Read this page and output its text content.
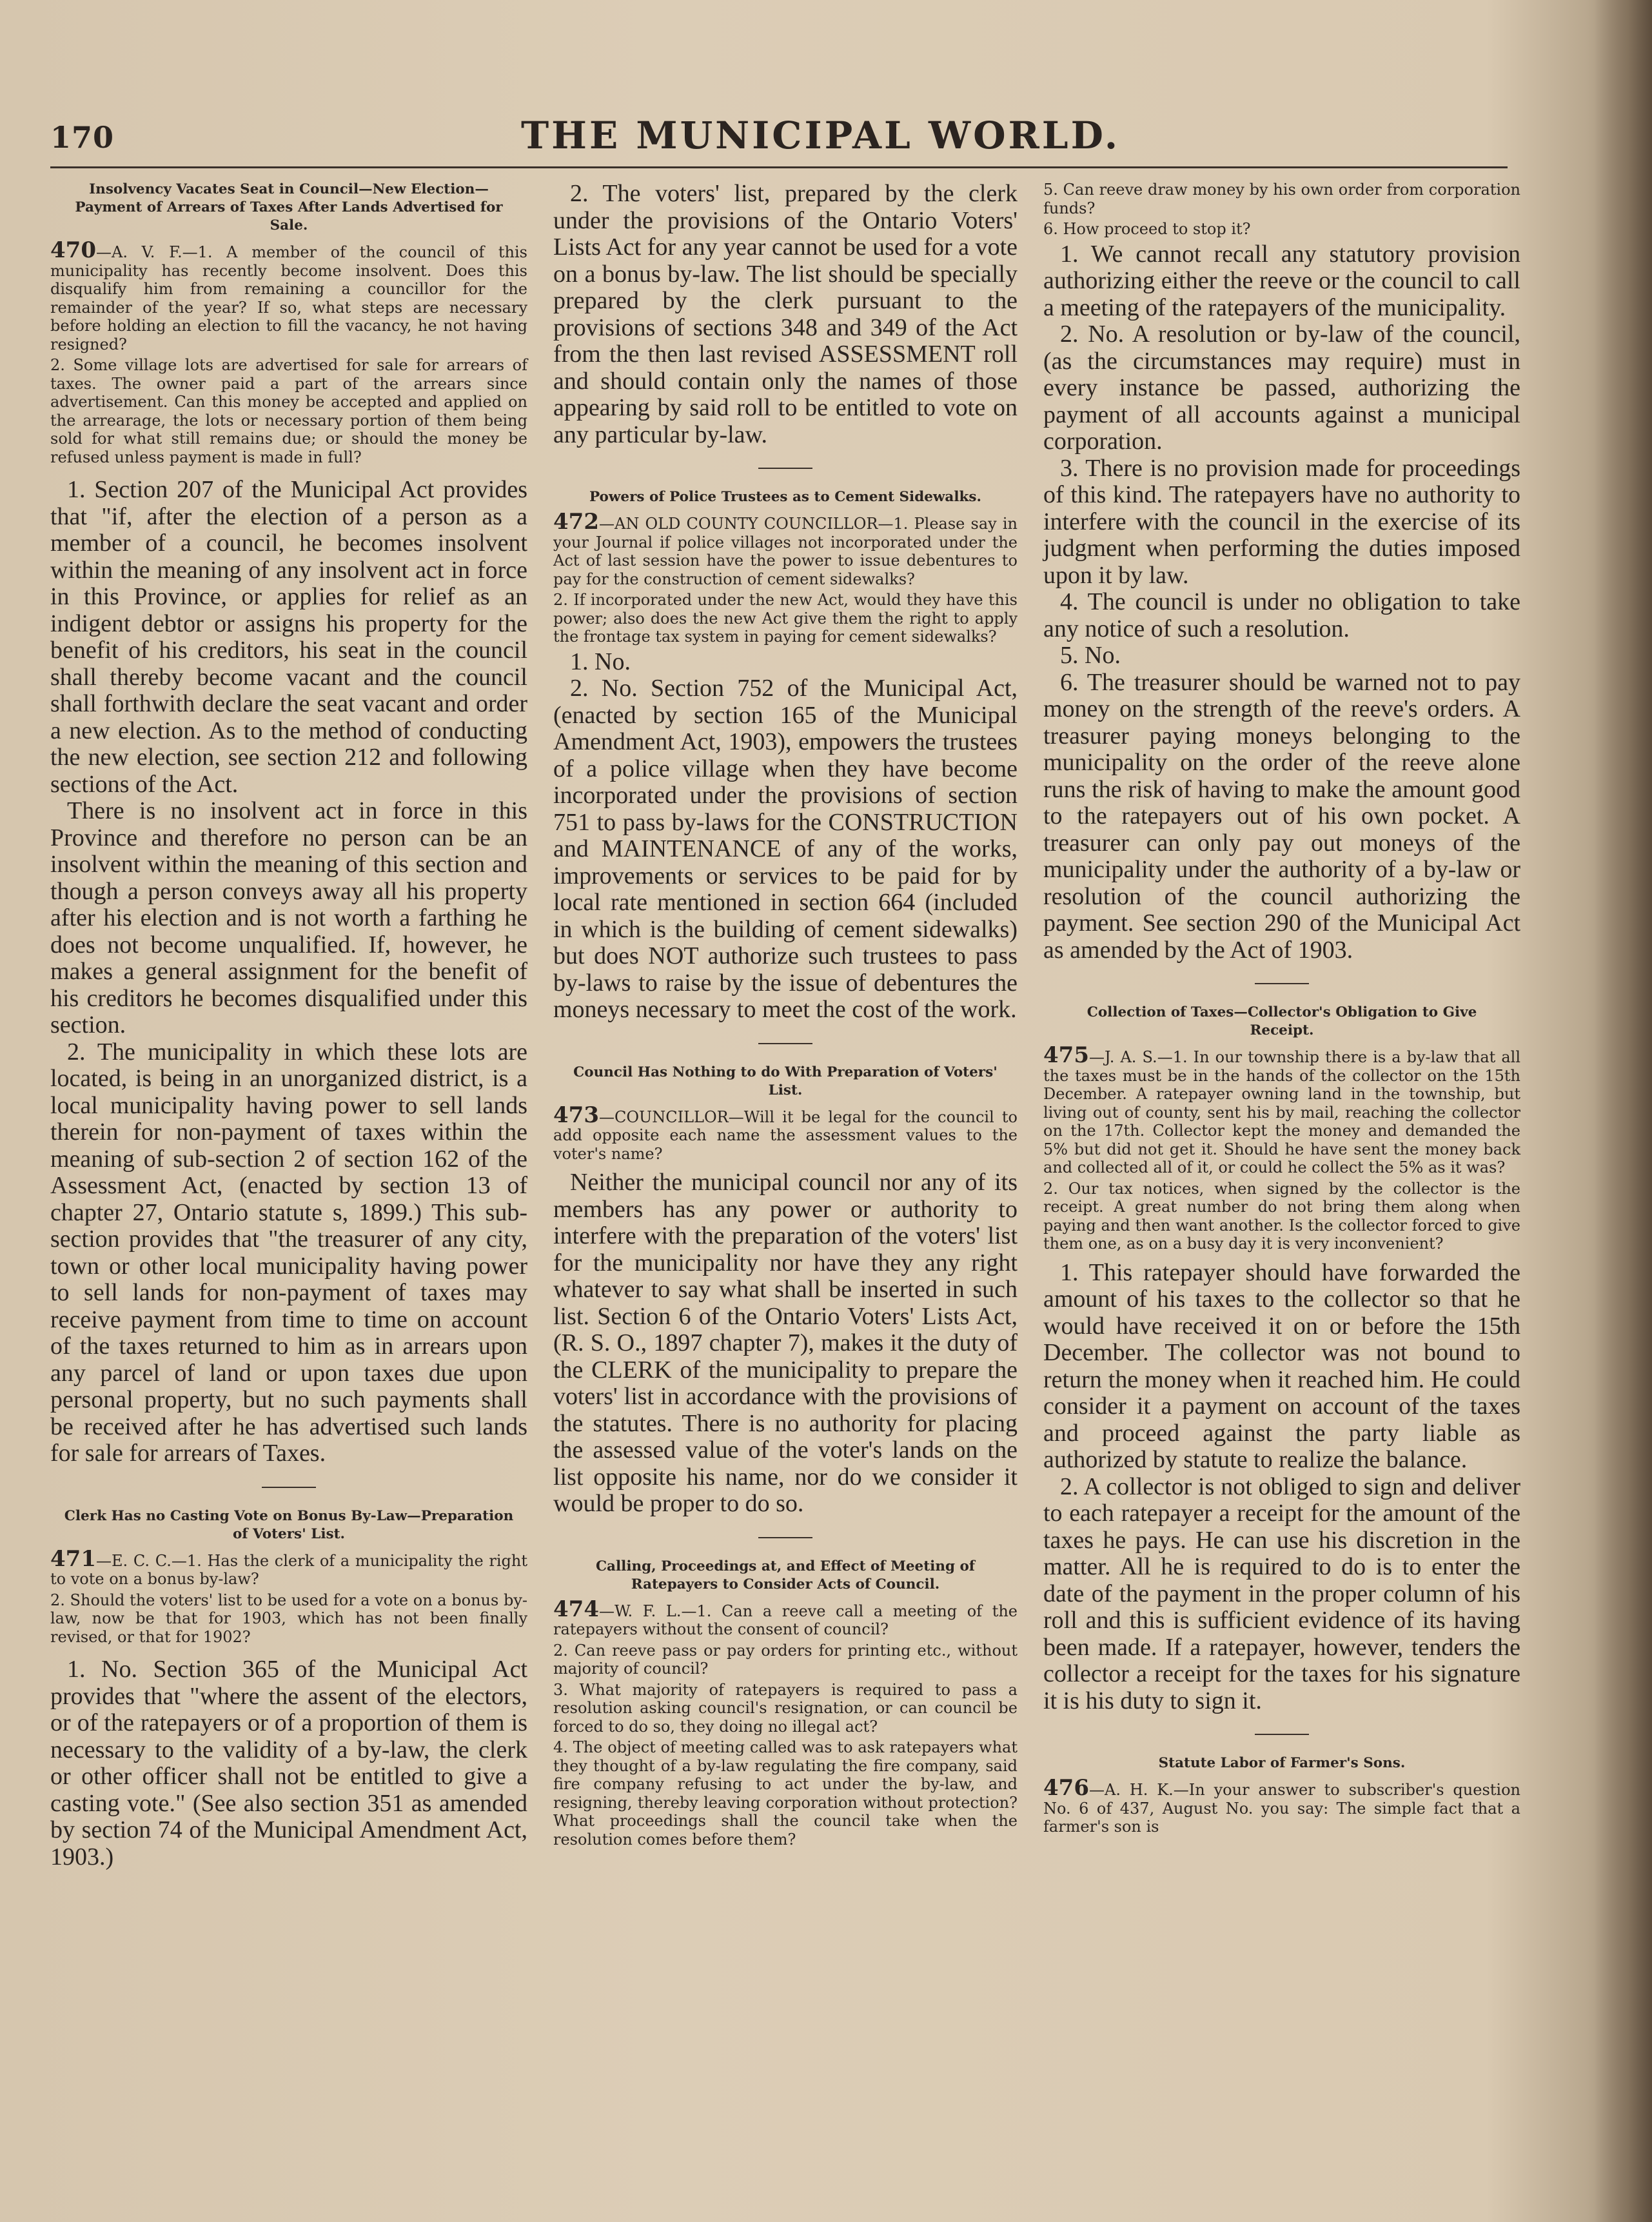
170	THE MUNICIPAL WORLD.
Insolvency Vacates Seat in Council—New Election—Payment of Arrears of Taxes After Lands Advertised for Sale.

470—A. V. F.—1. A member of the council of this municipality has recently become insolvent. Does this disqualify him from remaining a councillor for the remainder of the year? If so, what steps are necessary before holding an election to fill the vacancy, he not having resigned?

2. Some village lots are advertised for sale for arrears of taxes. The owner paid a part of the arrears since advertisement. Can this money be accepted and applied on the arrearage, the lots or necessary portion of them being sold for what still remains due; or should the money be refused unless payment is made in full?

1. Section 207 of the Municipal Act provides that "if, after the election of a person as a member of a council, he becomes insolvent within the meaning of any insolvent act in force in this Province, or applies for relief as an indigent debtor or assigns his property for the benefit of his creditors, his seat in the council shall thereby become vacant and the council shall forthwith declare the seat vacant and order a new election. As to the method of conducting the new election, see section 212 and following sections of the Act.

There is no insolvent act in force in this Province and therefore no person can be an insolvent within the meaning of this section and though a person conveys away all his property after his election and is not worth a farthing he does not become unqualified. If, however, he makes a general assignment for the benefit of his creditors he becomes disqualified under this section.

2. The municipality in which these lots are located, is being in an unorganized district, is a local municipality having power to sell lands therein for non-payment of taxes within the meaning of sub-section 2 of section 162 of the Assessment Act, (enacted by section 13 of chapter 27, Ontario statute s, 1899.) This sub-section provides that "the treasurer of any city, town or other local municipality having power to sell lands for non-payment of taxes may receive payment from time to time on account of the taxes returned to him as in arrears upon any parcel of land or upon taxes due upon personal property, but no such payments shall be received after he has advertised such lands for sale for arrears of Taxes.

Clerk Has no Casting Vote on Bonus By-Law—Preparation of Voters' List.

471—E. C. C.—1. Has the clerk of a municipality the right to vote on a bonus by-law?

2. Should the voters' list to be used for a vote on a bonus by-law, now be that for 1903, which has not been finally revised, or that for 1902?

1. No. Section 365 of the Municipal Act provides that "where the assent of the electors, or of the ratepayers or of a proportion of them is necessary to the validity of a by-law, the clerk or other officer shall not be entitled to give a casting vote." (See also section 351 as amended by section 74 of the Municipal Amendment Act, 1903.)

2. The voters' list, prepared by the clerk under the provisions of the Ontario Voters' Lists Act for any year cannot be used for a vote on a bonus by-law. The list should be specially prepared by the clerk pursuant to the provisions of sections 348 and 349 of the Act from the then last revised ASSESSMENT roll and should contain only the names of those appearing by said roll to be entitled to vote on any particular by-law.

Powers of Police Trustees as to Cement Sidewalks.

472—AN OLD COUNTY COUNCILLOR—1. Please say in your Journal if police villages not incorporated under the Act of last session have the power to issue debentures to pay for the construction of cement sidewalks?

2. If incorporated under the new Act, would they have this power; also does the new Act give them the right to apply the frontage tax system in paying for cement sidewalks?

1. No.

2. No. Section 752 of the Municipal Act, (enacted by section 165 of the Municipal Amendment Act, 1903), empowers the trustees of a police village when they have become incorporated under the provisions of section 751 to pass by-laws for the CONSTRUCTION and MAINTENANCE of any of the works, improvements or services to be paid for by local rate mentioned in section 664 (included in which is the building of cement sidewalks) but does NOT authorize such trustees to pass by-laws to raise by the issue of debentures the moneys necessary to meet the cost of the work.

Council Has Nothing to do With Preparation of Voters' List.

473—COUNCILLOR—Will it be legal for the council to add opposite each name the assessment values to the voter's name?

Neither the municipal council nor any of its members has any power or authority to interfere with the preparation of the voters' list for the municipality nor have they any right whatever to say what shall be inserted in such list. Section 6 of the Ontario Voters' Lists Act, (R. S. O., 1897 chapter 7), makes it the duty of the CLERK of the municipality to prepare the voters' list in accordance with the provisions of the statutes. There is no authority for placing the assessed value of the voter's lands on the list opposite his name, nor do we consider it would be proper to do so.

Calling, Proceedings at, and Effect of Meeting of Ratepayers to Consider Acts of Council.

474—W. F. L.—1. Can a reeve call a meeting of the ratepayers without the consent of council?

2. Can reeve pass or pay orders for printing etc., without majority of council?

3. What majority of ratepayers is required to pass a resolution asking council's resignation, or can council be forced to do so, they doing no illegal act?

4. The object of meeting called was to ask ratepayers what they thought of a by-law regulating the fire company, said fire company refusing to act under the by-law, and resigning, thereby leaving corporation without protection? What proceedings shall the council take when the resolution comes before them?

5. Can reeve draw money by his own order from corporation funds?

6. How proceed to stop it?

1. We cannot recall any statutory provision authorizing either the reeve or the council to call a meeting of the ratepayers of the municipality.

2. No. A resolution or by-law of the council, (as the circumstances may require) must in every instance be passed, authorizing the payment of all accounts against a municipal corporation.

3. There is no provision made for proceedings of this kind. The ratepayers have no authority to interfere with the council in the exercise of its judgment when performing the duties imposed upon it by law.

4. The council is under no obligation to take any notice of such a resolution.

5. No.

6. The treasurer should be warned not to pay money on the strength of the reeve's orders. A treasurer paying moneys belonging to the municipality on the order of the reeve alone runs the risk of having to make the amount good to the ratepayers out of his own pocket. A treasurer can only pay out moneys of the municipality under the authority of a by-law or resolution of the council authorizing the payment. See section 290 of the Municipal Act as amended by the Act of 1903.

Collection of Taxes—Collector's Obligation to Give Receipt.

475—J. A. S.—1. In our township there is a by-law that all the taxes must be in the hands of the collector on the 15th December. A ratepayer owning land in the township, but living out of county, sent his by mail, reaching the collector on the 17th. Collector kept the money and demanded the 5% but did not get it. Should he have sent the money back and collected all of it, or could he collect the 5% as it was?

2. Our tax notices, when signed by the collector is the receipt. A great number do not bring them along when paying and then want another. Is the collector forced to give them one, as on a busy day it is very inconvenient?

1. This ratepayer should have forwarded the amount of his taxes to the collector so that he would have received it on or before the 15th December. The collector was not bound to return the money when it reached him. He could consider it a payment on account of the taxes and proceed against the party liable as authorized by statute to realize the balance.

2. A collector is not obliged to sign and deliver to each ratepayer a receipt for the amount of the taxes he pays. He can use his discretion in the matter. All he is required to do is to enter the date of the payment in the proper column of his roll and this is sufficient evidence of its having been made. If a ratepayer, however, tenders the collector a receipt for the taxes for his signature it is his duty to sign it.

Statute Labor of Farmer's Sons.

476—A. H. K.—In your answer to subscriber's question No. 6 of 437, August No. you say: The simple fact that a farmer's son is
